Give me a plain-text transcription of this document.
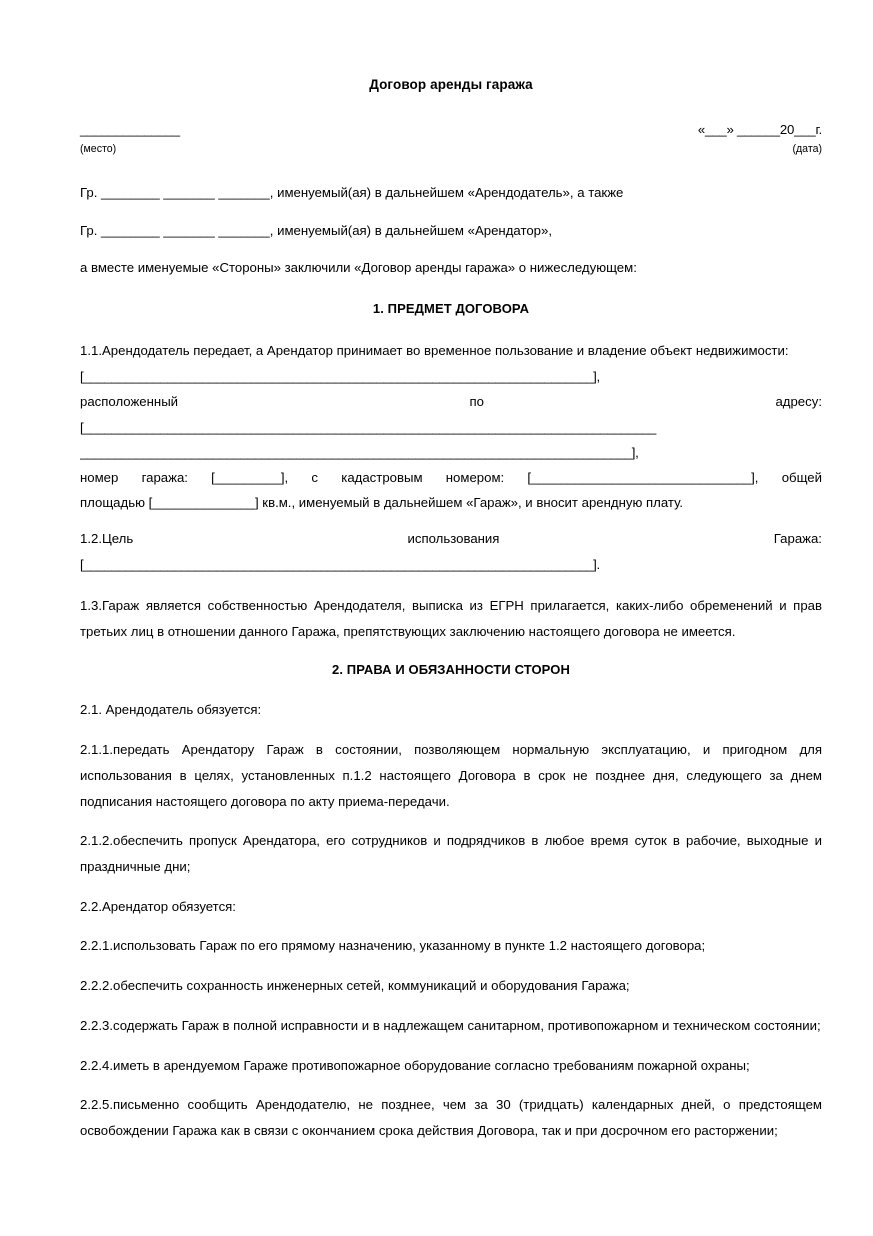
Договор аренды гаража
______________
(место)
«___» ______20___г.
(дата)

Гр. ________ _______ _______, именуемый(ая) в дальнейшем «Арендодатель», а также

Гр. ________ _______ _______, именуемый(ая) в дальнейшем «Арендатор»,

а вместе именуемые «Стороны» заключили «Договор аренды гаража» о нижеследующем:

1. ПРЕДМЕТ ДОГОВОРА

1.1.Арендодатель передает, а Арендатор принимает во временное пользование и владение объект недвижимости:

[_________________________________________________________________________],

расположенный	по	адресу:

[__________________________________________________________________________________
_______________________________________________________________________________],

номер гаража: [_________], с кадастровым номером: [______________________________], общей

площадью [______________] кв.м., именуемый в дальнейшем «Гараж», и вносит арендную плату.

1.2.Цель	использования	Гаража:

[_________________________________________________________________________].

1.3.Гараж является собственностью Арендодателя, выписка из ЕГРН прилагается, каких-либо обременений и прав третьих лиц в отношении данного Гаража, препятствующих заключению настоящего договора не имеется.

2. ПРАВА И ОБЯЗАННОСТИ СТОРОН

2.1. Арендодатель обязуется:

2.1.1.передать Арендатору Гараж в состоянии, позволяющем нормальную эксплуатацию, и пригодном для использования в целях, установленных п.1.2 настоящего Договора в срок не позднее дня, следующего за днем подписания настоящего договора по акту приема-передачи.

2.1.2.обеспечить пропуск Арендатора, его сотрудников и подрядчиков в любое время суток в рабочие, выходные и праздничные дни;

2.2.Арендатор обязуется:

2.2.1.использовать Гараж по его прямому назначению, указанному в пункте 1.2 настоящего договора;

2.2.2.обеспечить сохранность инженерных сетей, коммуникаций и оборудования Гаража;

2.2.3.содержать Гараж в полной исправности и в надлежащем санитарном, противопожарном и техническом состоянии;

2.2.4.иметь в арендуемом Гараже противопожарное оборудование согласно требованиям пожарной охраны;

2.2.5.письменно сообщить Арендодателю, не позднее, чем за 30 (тридцать) календарных дней, о предстоящем освобождении Гаража как в связи с окончанием срока действия Договора, так и при досрочном его расторжении;
